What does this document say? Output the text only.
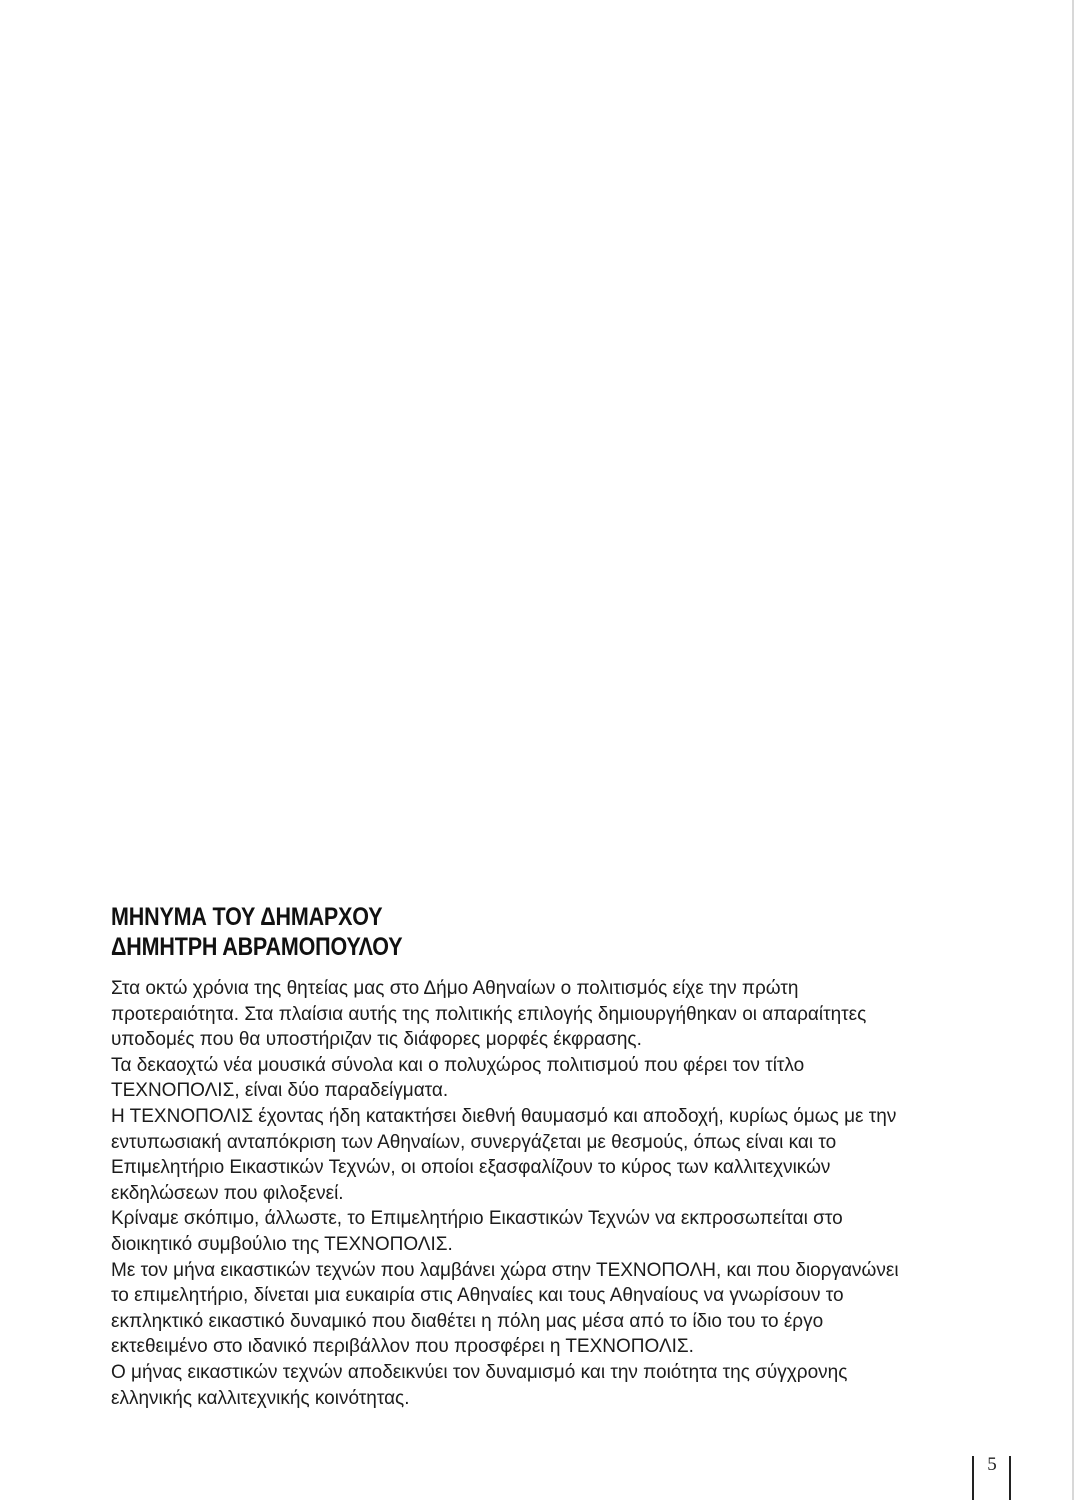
ΜΗΝΥΜΑ ΤΟΥ ΔΗΜΑΡΧΟΥ
ΔΗΜΗΤΡΗ ΑΒΡΑΜΟΠΟΥΛΟΥ
Στα οκτώ χρόνια της θητείας μας στο Δήμο Αθηναίων ο πολιτισμός είχε την πρώτη
προτεραιότητα. Στα πλαίσια αυτής της πολιτικής επιλογής δημιουργήθηκαν οι απαραίτητες
υποδομές που θα υποστήριζαν τις διάφορες μορφές έκφρασης.
Τα δεκαοχτώ νέα μουσικά σύνολα και ο πολυχώρος πολιτισμού που φέρει τον τίτλο
ΤΕΧΝΟΠΟΛΙΣ, είναι δύο παραδείγματα.
Η ΤΕΧΝΟΠΟΛΙΣ έχοντας ήδη κατακτήσει διεθνή θαυμασμό και αποδοχή, κυρίως όμως με την
εντυπωσιακή ανταπόκριση των Αθηναίων, συνεργάζεται με θεσμούς, όπως είναι και το
Επιμελητήριο Εικαστικών Τεχνών, οι οποίοι εξασφαλίζουν το κύρος των καλλιτεχνικών
εκδηλώσεων που φιλοξενεί.
Κρίναμε σκόπιμο, άλλωστε, το Επιμελητήριο Εικαστικών Τεχνών να εκπροσωπείται στο
διοικητικό συμβούλιο της ΤΕΧΝΟΠΟΛΙΣ.
Με τον μήνα εικαστικών τεχνών που λαμβάνει χώρα στην ΤΕΧΝΟΠΟΛΗ, και που διοργανώνει
το επιμελητήριο, δίνεται μια ευκαιρία στις Αθηναίες και τους Αθηναίους να γνωρίσουν το
εκπληκτικό εικαστικό δυναμικό που διαθέτει η πόλη μας μέσα από το ίδιο του το έργο
εκτεθειμένο στο ιδανικό περιβάλλον που προσφέρει η ΤΕΧΝΟΠΟΛΙΣ.
Ο μήνας εικαστικών τεχνών αποδεικνύει τον δυναμισμό και την ποιότητα της σύγχρονης
ελληνικής καλλιτεχνικής κοινότητας.
5
